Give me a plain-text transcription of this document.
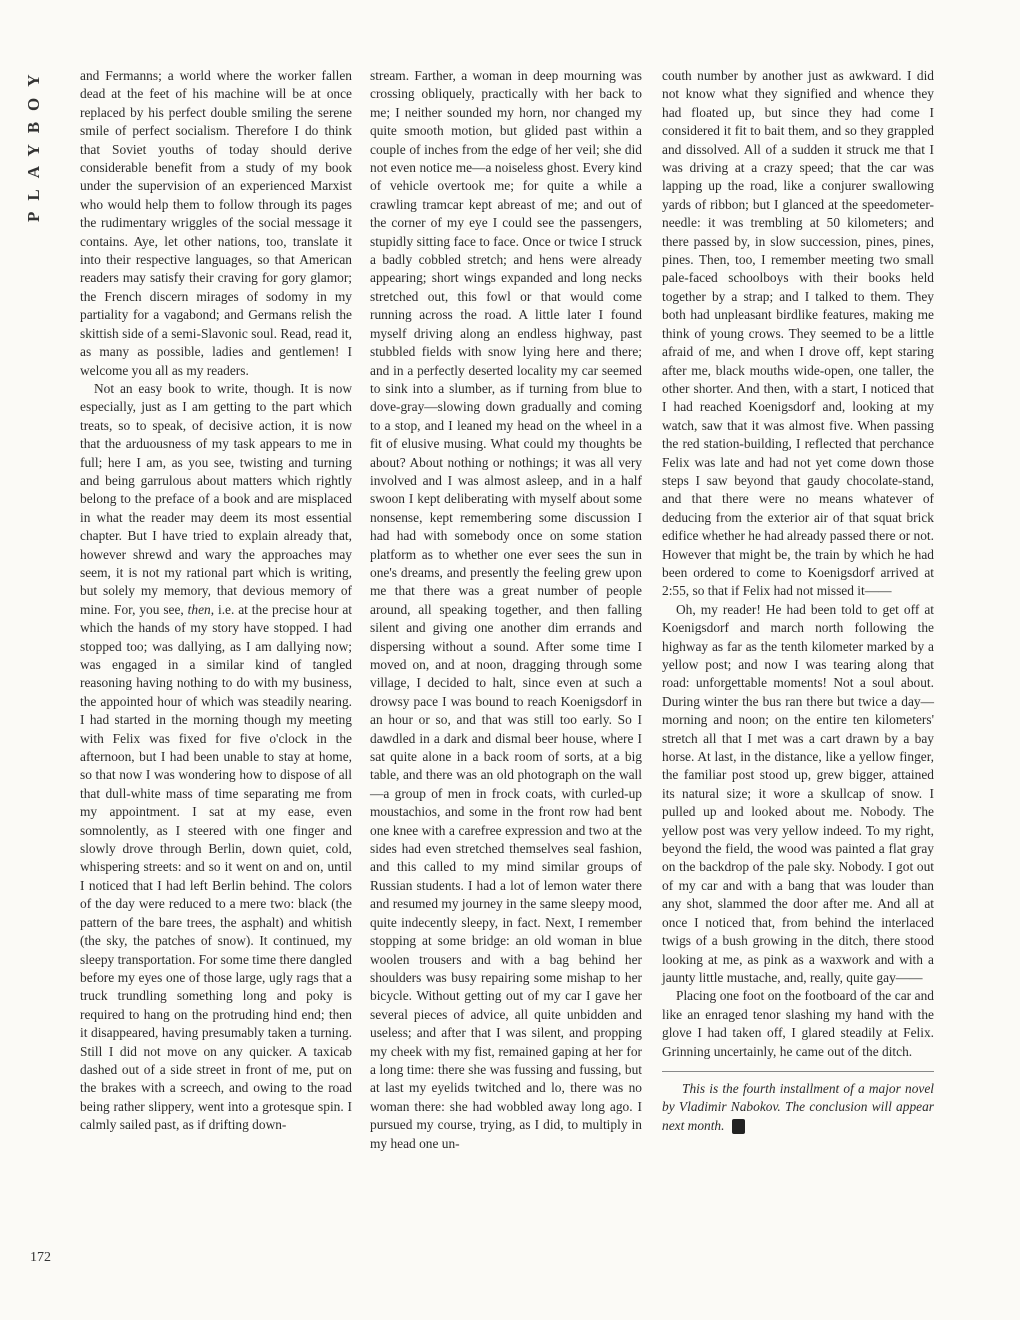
PLAYBOY	and Fermanns; a world where the worker fallen dead at the feet of his machine will be at once replaced by his perfect double smiling the serene smile of perfect socialism. Therefore I do think that Soviet youths of today should derive considerable benefit from a study of my book under the supervision of an experienced Marxist who would help them to follow through its pages the rudimentary wriggles of the social message it contains. Aye, let other nations, too, translate it into their respective languages, so that American readers may satisfy their craving for gory glamor; the French discern mirages of sodomy in my partiality for a vagabond; and Germans relish the skittish side of a semi-Slavonic soul. Read, read it, as many as possible, ladies and gentlemen! I welcome you all as my readers.

Not an easy book to write, though. It is now especially, just as I am getting to the part which treats, so to speak, of decisive action, it is now that the arduousness of my task appears to me in full; here I am, as you see, twisting and turning and being garrulous about matters which rightly belong to the preface of a book and are misplaced in what the reader may deem its most essential chapter. But I have tried to explain already that, however shrewd and wary the approaches may seem, it is not my rational part which is writing, but solely my memory, that devious memory of mine. For, you see, then, i.e. at the precise hour at which the hands of my story have stopped. I had stopped too; was dallying, as I am dallying now; was engaged in a similar kind of tangled reasoning having nothing to do with my business, the appointed hour of which was steadily nearing. I had started in the morning though my meeting with Felix was fixed for five o'clock in the afternoon, but I had been unable to stay at home, so that now I was wondering how to dispose of all that dull-white mass of time separating me from my appointment. I sat at my ease, even somnolently, as I steered with one finger and slowly drove through Berlin, down quiet, cold, whispering streets: and so it went on and on, until I noticed that I had left Berlin behind. The colors of the day were reduced to a mere two: black (the pattern of the bare trees, the asphalt) and whitish (the sky, the patches of snow). It continued, my sleepy transportation. For some time there dangled before my eyes one of those large, ugly rags that a truck trundling something long and poky is required to hang on the protruding hind end; then it disappeared, having presumably taken a turning. Still I did not move on any quicker. A taxicab dashed out of a side street in front of me, put on the brakes with a screech, and owing to the road being rather slippery, went into a grotesque spin. I calmly sailed past, as if drifting down-

stream. Farther, a woman in deep mourning was crossing obliquely, practically with her back to me; I neither sounded my horn, nor changed my quite smooth motion, but glided past within a couple of inches from the edge of her veil; she did not even notice me—a noiseless ghost. Every kind of vehicle overtook me; for quite a while a crawling tramcar kept abreast of me; and out of the corner of my eye I could see the passengers, stupidly sitting face to face. Once or twice I struck a badly cobbled stretch; and hens were already appearing; short wings expanded and long necks stretched out, this fowl or that would come running across the road. A little later I found myself driving along an endless highway, past stubbled fields with snow lying here and there; and in a perfectly deserted locality my car seemed to sink into a slumber, as if turning from blue to dove-gray—slowing down gradually and coming to a stop, and I leaned my head on the wheel in a fit of elusive musing. What could my thoughts be about? About nothing or nothings; it was all very involved and I was almost asleep, and in a half swoon I kept deliberating with myself about some nonsense, kept remembering some discussion I had had with somebody once on some station platform as to whether one ever sees the sun in one's dreams, and presently the feeling grew upon me that there was a great number of people around, all speaking together, and then falling silent and giving one another dim errands and dispersing without a sound. After some time I moved on, and at noon, dragging through some village, I decided to halt, since even at such a drowsy pace I was bound to reach Koenigsdorf in an hour or so, and that was still too early. So I dawdled in a dark and dismal beer house, where I sat quite alone in a back room of sorts, at a big table, and there was an old photograph on the wall—a group of men in frock coats, with curled-up moustachios, and some in the front row had bent one knee with a carefree expression and two at the sides had even stretched themselves seal fashion, and this called to my mind similar groups of Russian students. I had a lot of lemon water there and resumed my journey in the same sleepy mood, quite indecently sleepy, in fact. Next, I remember stopping at some bridge: an old woman in blue woolen trousers and with a bag behind her shoulders was busy repairing some mishap to her bicycle. Without getting out of my car I gave her several pieces of advice, all quite unbidden and useless; and after that I was silent, and propping my cheek with my fist, remained gaping at her for a long time: there she was fussing and fussing, but at last my eyelids twitched and lo, there was no woman there: she had wobbled away long ago. I pursued my course, trying, as I did, to multiply in my head one un-

couth number by another just as awkward. I did not know what they signified and whence they had floated up, but since they had come I considered it fit to bait them, and so they grappled and dissolved. All of a sudden it struck me that I was driving at a crazy speed; that the car was lapping up the road, like a conjurer swallowing yards of ribbon; but I glanced at the speedometer-needle: it was trembling at 50 kilometers; and there passed by, in slow succession, pines, pines, pines. Then, too, I remember meeting two small pale-faced schoolboys with their books held together by a strap; and I talked to them. They both had unpleasant birdlike features, making me think of young crows. They seemed to be a little afraid of me, and when I drove off, kept staring after me, black mouths wide-open, one taller, the other shorter. And then, with a start, I noticed that I had reached Koenigsdorf and, looking at my watch, saw that it was almost five. When passing the red station-building, I reflected that perchance Felix was late and had not yet come down those steps I saw beyond that gaudy chocolate-stand, and that there were no means whatever of deducing from the exterior air of that squat brick edifice whether he had already passed there or not. However that might be, the train by which he had been ordered to come to Koenigsdorf arrived at 2:55, so that if Felix had not missed it——

Oh, my reader! He had been told to get off at Koenigsdorf and march north following the highway as far as the tenth kilometer marked by a yellow post; and now I was tearing along that road: unforgettable moments! Not a soul about. During winter the bus ran there but twice a day—morning and noon; on the entire ten kilometers' stretch all that I met was a cart drawn by a bay horse. At last, in the distance, like a yellow finger, the familiar post stood up, grew bigger, attained its natural size; it wore a skullcap of snow. I pulled up and looked about me. Nobody. The yellow post was very yellow indeed. To my right, beyond the field, the wood was painted a flat gray on the backdrop of the pale sky. Nobody. I got out of my car and with a bang that was louder than any shot, slammed the door after me. And all at once I noticed that, from behind the interlaced twigs of a bush growing in the ditch, there stood looking at me, as pink as a waxwork and with a jaunty little mustache, and, really, quite gay——

Placing one foot on the footboard of the car and like an enraged tenor slashing my hand with the glove I had taken off, I glared steadily at Felix. Grinning uncertainly, he came out of the ditch.

This is the fourth installment of a major novel by Vladimir Nabokov. The conclusion will appear next month.	♣

172
